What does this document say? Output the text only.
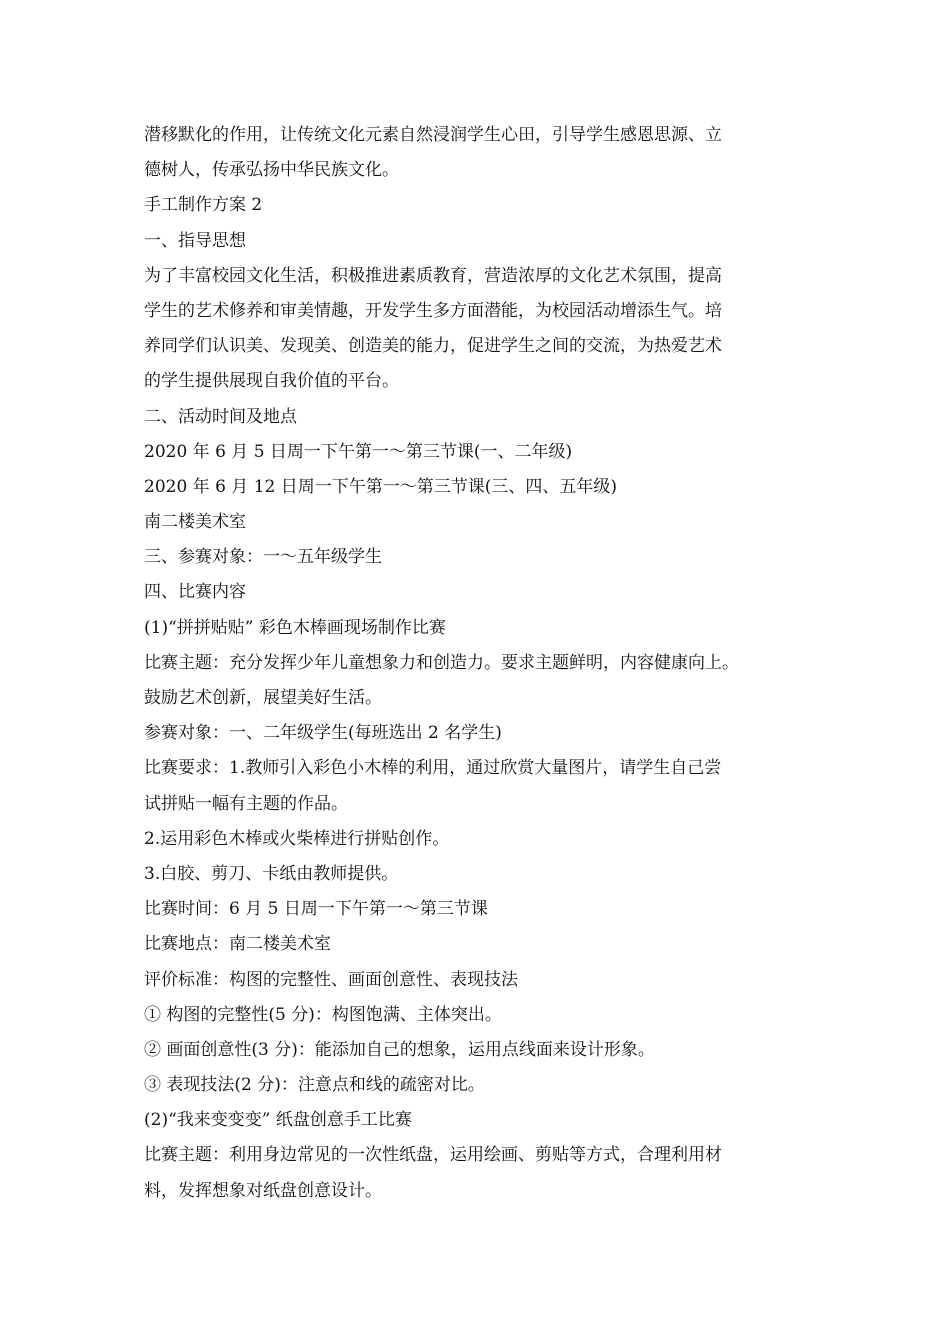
潜移默化的作用，让传统文化元素自然浸润学生心田，引导学生感恩思源、立
德树人，传承弘扬中华民族文化。
手工制作方案 2
一、指导思想
为了丰富校园文化生活，积极推进素质教育，营造浓厚的文化艺术氛围，提高
学生的艺术修养和审美情趣，开发学生多方面潜能，为校园活动增添生气。培
养同学们认识美、发现美、创造美的能力，促进学生之间的交流，为热爱艺术
的学生提供展现自我价值的平台。
二、活动时间及地点
2020 年 6 月 5 日周一下午第一～第三节课(一、二年级)
2020 年 6 月 12 日周一下午第一～第三节课(三、四、五年级)
南二楼美术室
三、参赛对象：一～五年级学生
四、比赛内容
(1)“拼拼贴贴” 彩色木棒画现场制作比赛
比赛主题：充分发挥少年儿童想象力和创造力。要求主题鲜明，内容健康向上。
鼓励艺术创新，展望美好生活。
参赛对象：一、二年级学生(每班选出 2 名学生)
比赛要求：1.教师引入彩色小木棒的利用，通过欣赏大量图片，请学生自己尝
试拼贴一幅有主题的作品。
2.运用彩色木棒或火柴棒进行拼贴创作。
3.白胶、剪刀、卡纸由教师提供。
比赛时间：6 月 5 日周一下午第一～第三节课
比赛地点：南二楼美术室
评价标准：构图的完整性、画面创意性、表现技法
① 构图的完整性(5 分)：构图饱满、主体突出。
② 画面创意性(3 分)：能添加自己的想象，运用点线面来设计形象。
③ 表现技法(2 分)：注意点和线的疏密对比。
(2)“我来变变变” 纸盘创意手工比赛
比赛主题：利用身边常见的一次性纸盘，运用绘画、剪贴等方式，合理利用材
料，发挥想象对纸盘创意设计。
